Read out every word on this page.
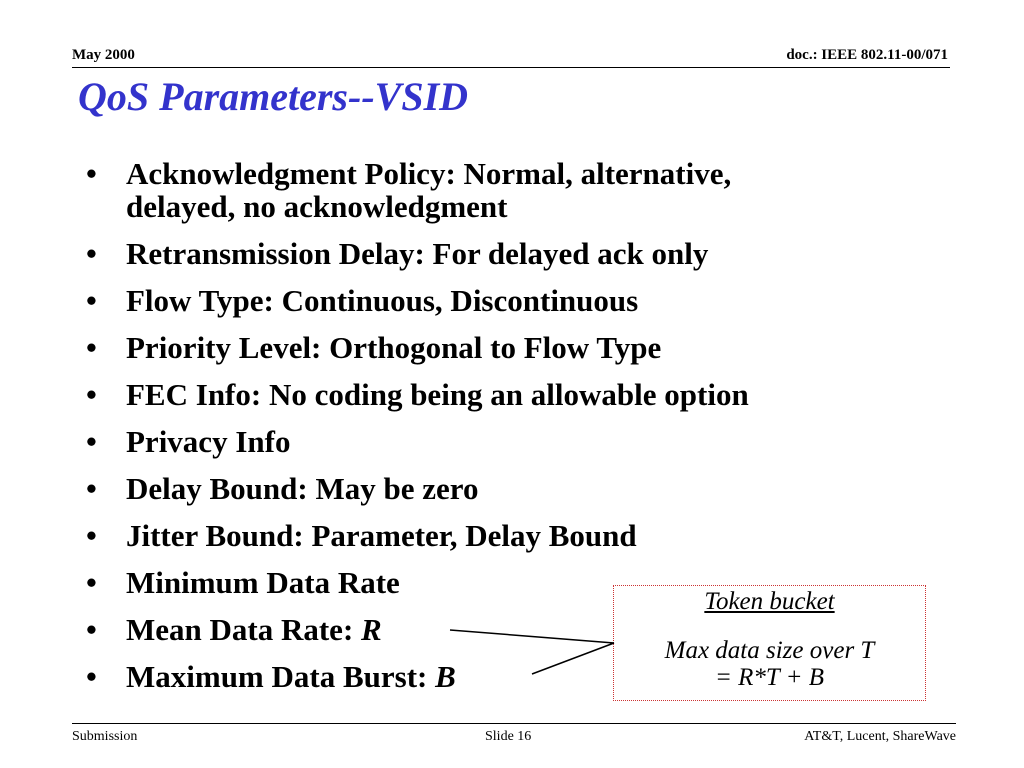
May 2000	doc.: IEEE 802.11-00/071
QoS Parameters--VSID
• Acknowledgment Policy: Normal, alternative,
delayed, no acknowledgment
• Retransmission Delay: For delayed ack only
• Flow Type: Continuous, Discontinuous
• Priority Level: Orthogonal to Flow Type
• FEC Info: No coding being an allowable option
• Privacy Info
• Delay Bound: May be zero
• Jitter Bound: Parameter, Delay Bound
• Minimum Data Rate
• Mean Data Rate: R
• Maximum Data Burst: B
Token bucket
Max data size over T
= R*T + B
Submission	Slide 16	AT&T, Lucent, ShareWave
